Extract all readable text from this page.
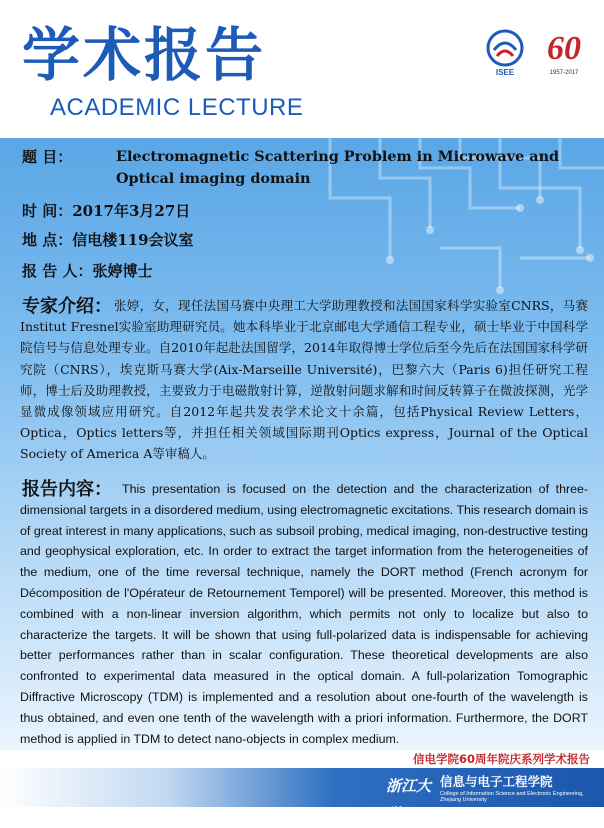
学术报告
ACADEMIC LECTURE
ISEE
60
1957-2017
题 目：	Electromagnetic Scattering Problem in Microwave and Optical imaging domain
时 间：2017年3月27日
地 点：信电楼119会议室
报 告 人：张婷博士
专家介绍： 张婷，女，现任法国马赛中央理工大学助理教授和法国国家科学实验室CNRS，马赛Institut Fresnel实验室助理研究员。她本科毕业于北京邮电大学通信工程专业，硕士毕业于中国科学院信号与信息处理专业。自2010年起赴法国留学，2014年取得博士学位后至今先后在法国国家科学研究院（CNRS），埃克斯马赛大学(Aix-Marseille Université)，巴黎六大（Paris 6)担任研究工程师，博士后及助理教授，主要致力于电磁散射计算，逆散射问题求解和时间反转算子在微波探测，光学显微成像领域应用研究。自2012年起共发表学术论文十余篇，包括Physical Review Letters， Optica，Optics letters等，并担任相关领域国际期刊Optics express，Journal of the Optical Society of America A等审稿人。
报告内容： This presentation is focused on the detection and the characterization of three-dimensional targets in a disordered medium, using electromagnetic excitations. This research domain is of great interest in many applications, such as subsoil probing, medical imaging, non-destructive testing and geophysical exploration, etc. In order to extract the target information from the heterogeneities of the medium, one of the time reversal technique, namely the DORT method (French acronym for Décomposition de l'Opérateur de Retournement Temporel) will be presented. Moreover, this method is combined with a non-linear inversion algorithm, which permits not only to localize but also to characterize the targets. It will be shown that using full-polarized data is indispensable for achieving better performances rather than in scalar configuration. These theoretical developments are also confronted to experimental data measured in the optical domain. A full-polarization Tomographic Diffractive Microscopy (TDM) is implemented and a resolution about one-fourth of the wavelength is thus obtained, and even one tenth of the wavelength with a priori information. Furthermore, the DORT method is applied in TDM to detect nano-objects in complex medium.
信电学院60周年院庆系列学术报告
浙江大学
信息与电子工程学院
College of Information Science and Electronic Engineering, Zhejiang University
